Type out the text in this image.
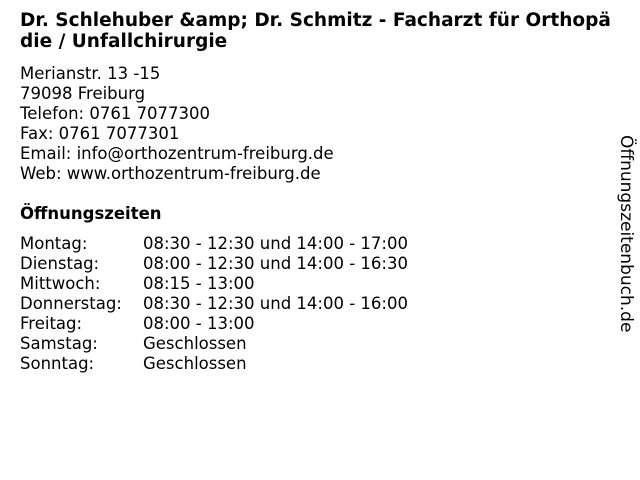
Dr. Schlehuber &amp; Dr. Schmitz - Facharzt für Orthopädie / Unfallchirurgie
Merianstr. 13 -15
79098 Freiburg
Telefon: 0761 7077300
Fax: 0761 7077301
Email: info@orthozentrum-freiburg.de
Web: www.orthozentrum-freiburg.de
Öffnungszeiten
Montag:	08:30 - 12:30 und 14:00 - 17:00
Dienstag:	08:00 - 12:30 und 14:00 - 16:30
Mittwoch:	08:15 - 13:00
Donnerstag: 08:30 - 12:30 und 14:00 - 16:00
Freitag:	08:00 - 13:00
Samstag:	Geschlossen
Sonntag:	Geschlossen
Öffnungszeitenbuch.de
